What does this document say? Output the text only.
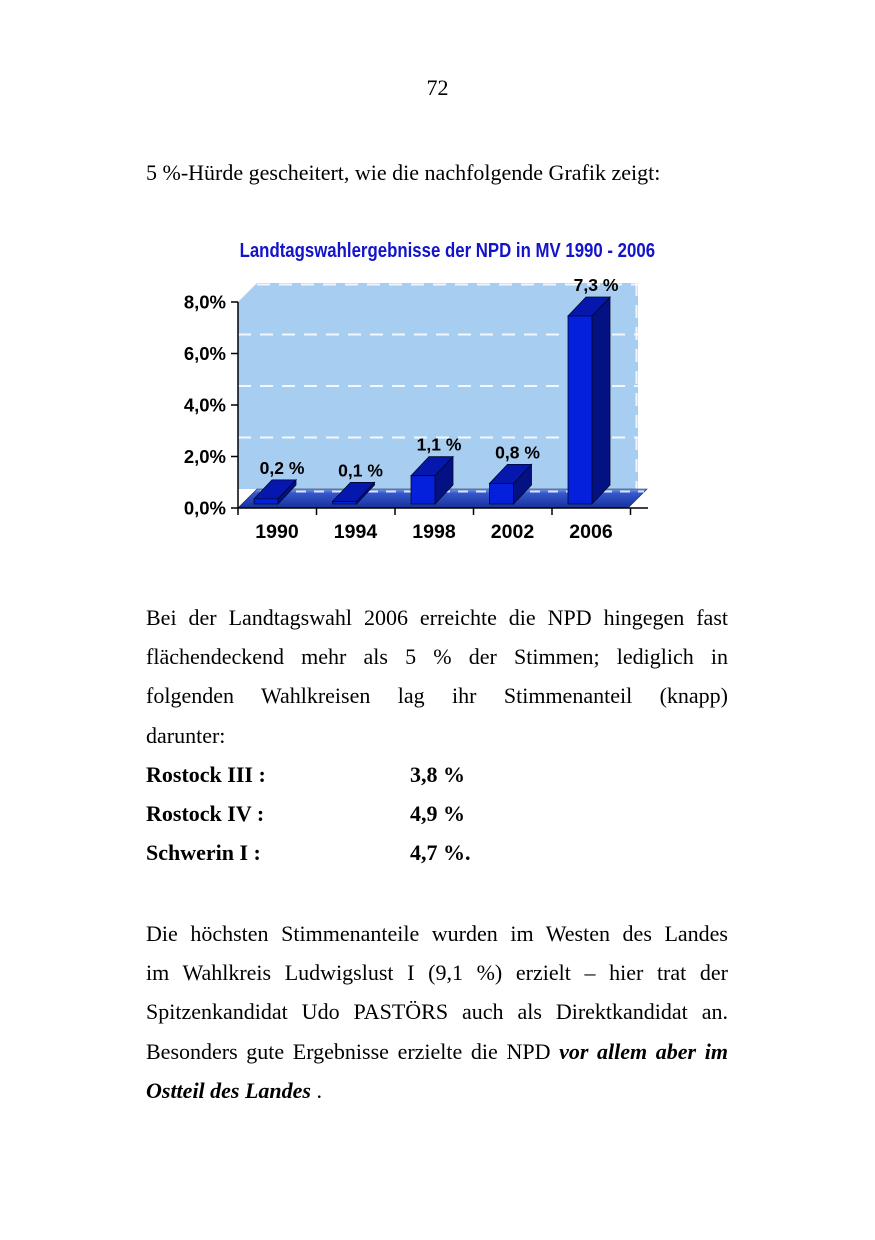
72

5 %-Hürde gescheitert, wie die nachfolgende Grafik zeigt:

Landtagswahlergebnisse der NPD in MV 1990 - 2006
0,0%
2,0%
4,0%
6,0%
8,0%
1990 1994 1998 2002 2006
0,2 % 0,1 %
1,1 % 0,8 %
7,3 %
Bei der Landtagswahl 2006 erreichte die NPD hingegen fast
flächendeckend mehr als 5 % der Stimmen; lediglich in
folgenden Wahlkreisen lag ihr Stimmenanteil (knapp)
darunter:
Rostock III :	3,8 %
Rostock IV :	4,9 %
Schwerin I :	4,7 %.
Die höchsten Stimmenanteile wurden im Westen des Landes
im Wahlkreis Ludwigslust I (9,1 %) erzielt – hier trat der
Spitzenkandidat Udo PASTÖRS auch als Direktkandidat an.
Besonders gute Ergebnisse erzielte die NPD vor allem aber im
Ostteil des Landes .
